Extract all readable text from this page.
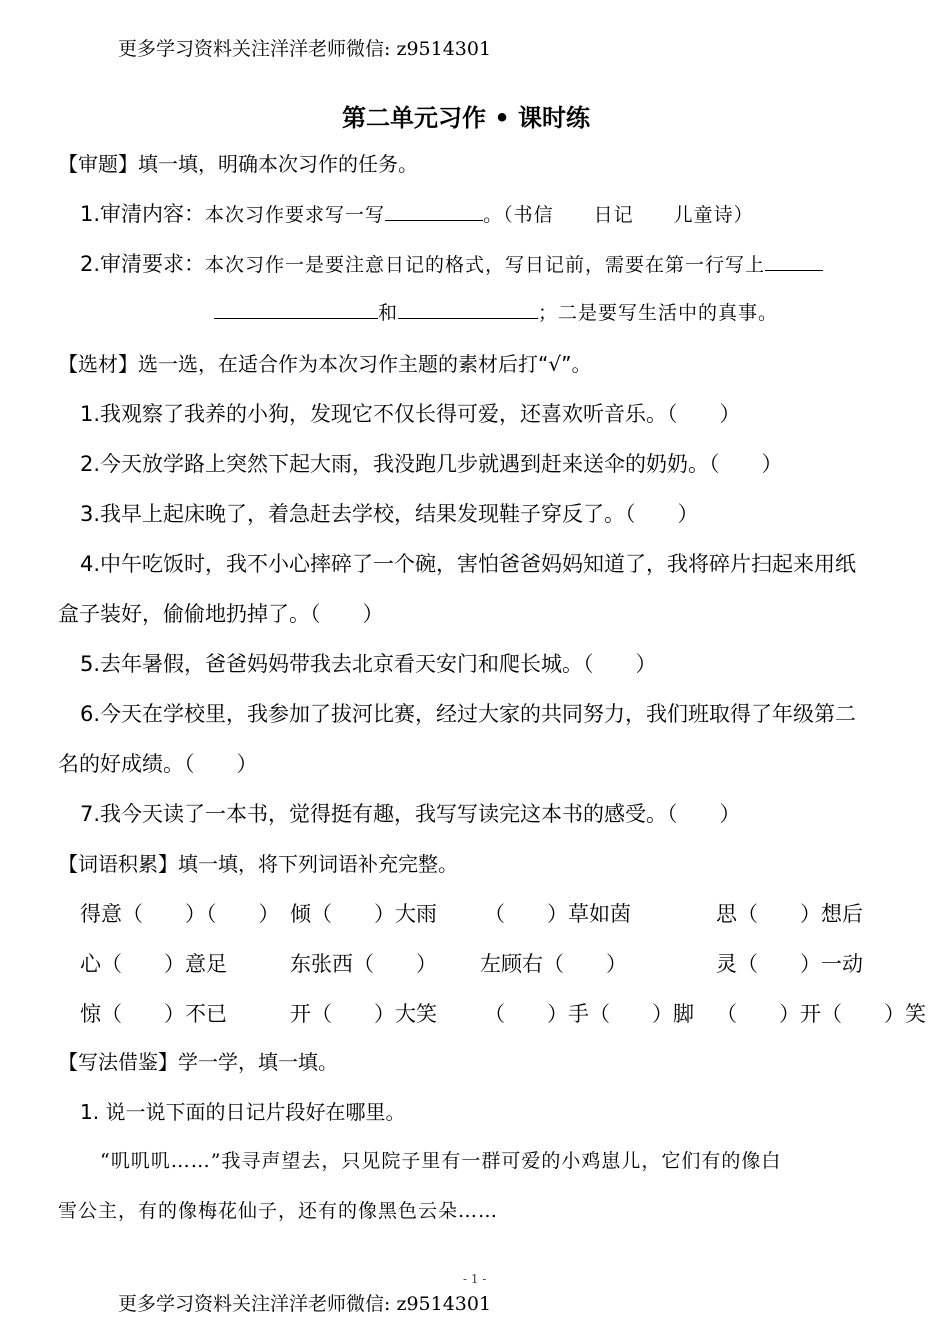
更多学习资料关注洋洋老师微信: z9514301
第二单元习作 • 课时练
【审题】填一填，明确本次习作的任务。
1.审清内容：本次习作要求写一写	。（书信　　日记　　儿童诗）
2.审清要求：本次习作一是要注意日记的格式，写日记前，需要在第一行写上
和	；二是要写生活中的真事。
【选材】选一选，在适合作为本次习作主题的素材后打“√”。
1.我观察了我养的小狗，发现它不仅长得可爱，还喜欢听音乐。（　　）
2.今天放学路上突然下起大雨，我没跑几步就遇到赶来送伞的奶奶。（　　）
3.我早上起床晚了，着急赶去学校，结果发现鞋子穿反了。（　　）
4.中午吃饭时，我不小心摔碎了一个碗，害怕爸爸妈妈知道了，我将碎片扫起来用纸
盒子装好，偷偷地扔掉了。（　　）
5.去年暑假，爸爸妈妈带我去北京看天安门和爬长城。（　　）
6.今天在学校里，我参加了拔河比赛，经过大家的共同努力，我们班取得了年级第二
名的好成绩。（　　）
7.我今天读了一本书，觉得挺有趣，我写写读完这本书的感受。（　　）
【词语积累】填一填，将下列词语补充完整。
得意（　　）（　　） 倾（　　）大雨 （　　）草如茵	思（　　）想后
心（　　）意足	东张西（　　） 左顾右（　　）	灵（　　）一动
惊（　　）不已	开（　　）大笑 （　　）手（　　）脚 （　　）开（　　）笑
【写法借鉴】学一学，填一填。
1. 说一说下面的日记片段好在哪里。
“叽叽叽……”我寻声望去，只见院子里有一群可爱的小鸡崽儿，它们有的像白
雪公主，有的像梅花仙子，还有的像黑色云朵……
- 1 -
更多学习资料关注洋洋老师微信: z9514301
